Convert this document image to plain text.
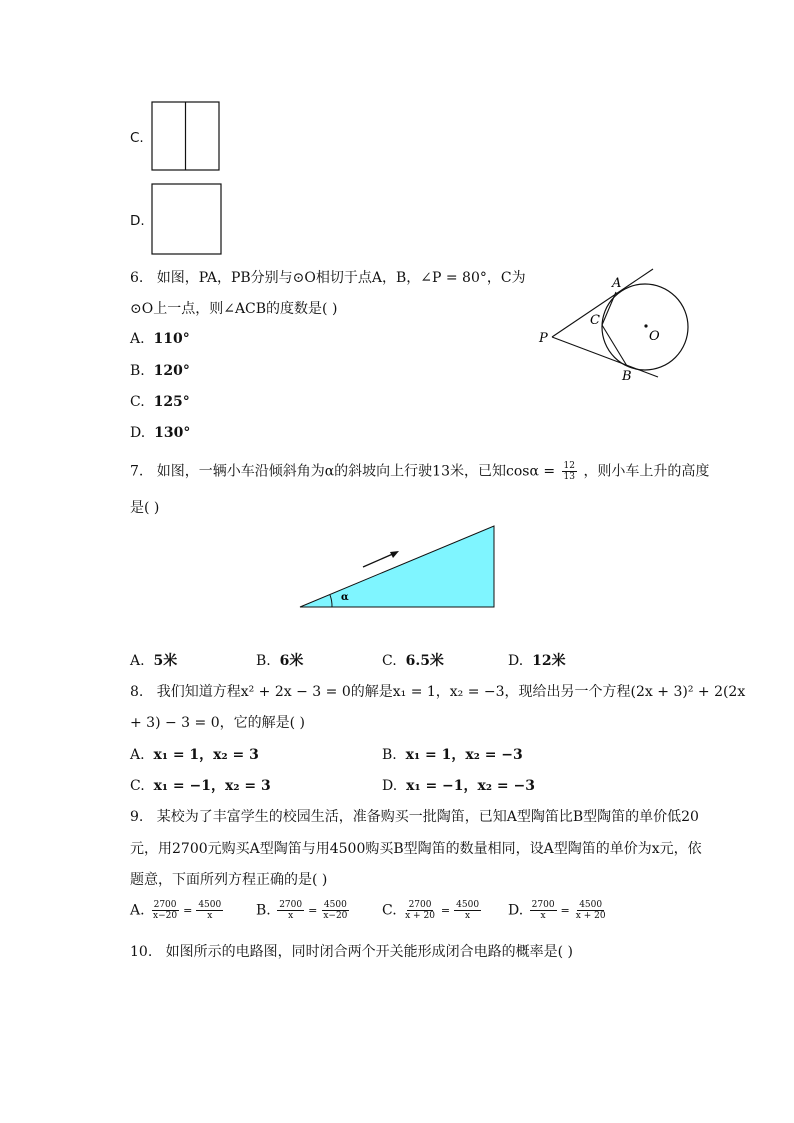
C.
D.
6. 如图，PA，PB分别与⊙O相切于点A，B，∠P = 80°，C为
⊙O上一点，则∠ACB的度数是( )
A. 110°
B. 120°
C. 125°
D. 130°
A
C
P	O
B
7. 如图，一辆小车沿倾斜角为α的斜坡向上行驶13米，已知$\cos\alpha = \frac{12}{13}$ ，则小车上升的高度
是( )
α
A. 5米	B. 6米	C. 6.5米	D. 12米
8. 我们知道方程x² + 2x − 3 = 0的解是x₁ = 1，x₂ = −3，现给出另一个方程(2x + 3)² + 2(2x
+ 3) − 3 = 0，它的解是( )
A. x₁ = 1，x₂ = 3	B. x₁ = 1，x₂ = −3
C. x₁ = −1，x₂ = 3	D. x₁ = −1，x₂ = −3
9. 某校为了丰富学生的校园生活，准备购买一批陶笛，已知A型陶笛比B型陶笛的单价低20
元，用2700元购买A型陶笛与用4500购买B型陶笛的数量相同，设A型陶笛的单价为x元，依
题意，下面所列方程正确的是( )
A. $\frac{2700}{x-20} = \frac{4500}{x} B$. $\frac{2700}{x} = \frac{4500}{x-20} C$. $\frac{2700}{x + 20} = \frac{4500}{x} D$. $\frac{2700}{x} = \frac{4500}{x + 20}$
10. 如图所示的电路图，同时闭合两个开关能形成闭合电路的概率是( )
